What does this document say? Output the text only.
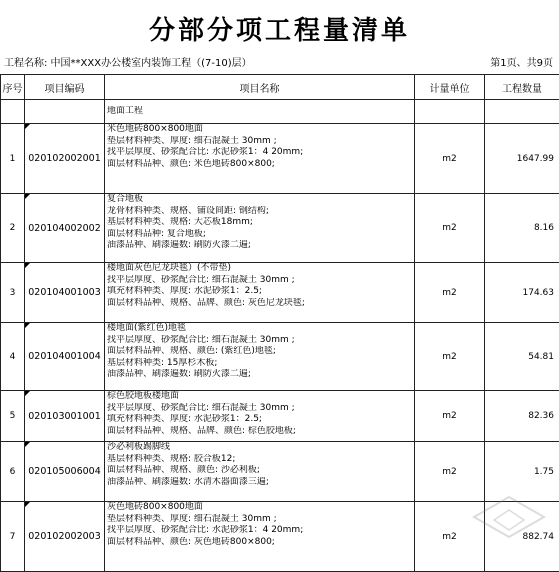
分部分项工程量清单
工程名称: 中国**XXX办公楼室内装饰工程（(7-10)层）	第1页、共9页
序号	项目编码	项目名称	计量单位	工程数量

		地面工程		

1	020102002001	米色地砖800×800地面
垫层材料种类、厚度: 细石混凝土 30mm ;
找平层厚度、砂浆配合比: 水泥砂浆1：4 20mm;
面层材料品种、颜色: 米色地砖800×800;	m2	1647.99
2	020104002002	复合地板
龙骨材料种类、规格、铺设间距: 钢结构;
基层材料种类、规格: 大芯板18mm;
面层材料品种: 复合地板;
油漆品种、刷漆遍数: 刷防火漆二遍;	m2	8.16
3	020104001003	楼地面灰色尼龙块毯）(不带垫)
找平层厚度、砂浆配合比: 细石混凝土 30mm ;
填充材料种类、厚度: 水泥砂浆1：2.5;
面层材料品种、规格、品牌、颜色: 灰色尼龙块毯;	m2	174.63
4	020104001004	楼地面(紫红色)地毯
找平层厚度、砂浆配合比: 细石混凝土 30mm ;
面层材料品种、规格、颜色: (紫红色)地毯;
基层材料种类: 15厚杉木板;
油漆品种、刷漆遍数: 刷防火漆二遍;	m2	54.81
5	020103001001	棕色胶地板楼地面
找平层厚度、砂浆配合比: 细石混凝土 30mm ;
填充材料种类、厚度: 水泥砂浆1：2.5;
面层材料品种、规格、品牌、颜色: 棕色胶地板;	m2	82.36
6	020105006004	沙必利板踢脚线
基层材料种类、规格: 胶合板12;
面层材料品种、规格、颜色: 沙必利板;
油漆品种、刷漆遍数: 水清木器面漆三遍;	m2	1.75
7	020102002003	灰色地砖800×800地面
垫层材料种类、厚度: 细石混凝土 30mm ;
找平层厚度、砂浆配合比: 水泥砂浆1：4 20mm;
面层材料品种、颜色: 灰色地砖800×800;	m2	882.74
